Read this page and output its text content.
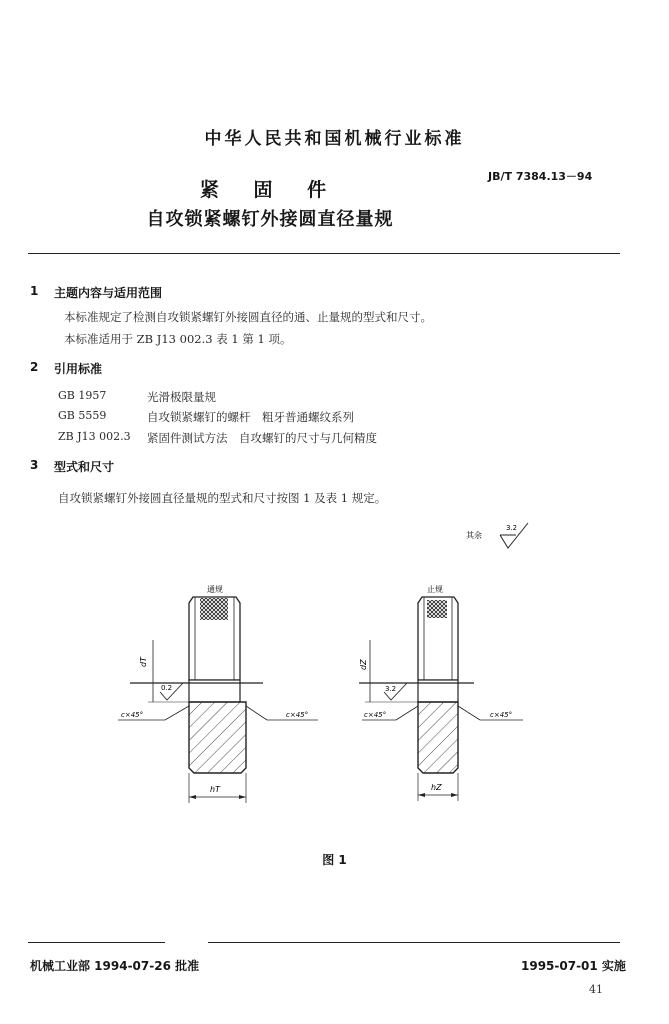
中华人民共和国机械行业标准
JB/T 7384.13－94
紧 固 件
自攻锁紧螺钉外接圆直径量规
1 主题内容与适用范围
本标准规定了检测自攻锁紧螺钉外接圆直径的通、止量规的型式和尺寸。
本标准适用于 ZB J13 002.3 表 1 第 1 项。
2 引用标准
GB 1957	光滑极限量规
GB 5559	自攻锁紧螺钉的螺杆　粗牙普通螺纹系列
ZB J13 002.3 紧固件测试方法　自攻螺钉的尺寸与几何精度
3 型式和尺寸
自攻锁紧螺钉外接圆直径量规的型式和尺寸按图 1 及表 1 规定。
其余
3.2
通规	止规
dT	dZ
0.2	3.2
c×45°	c×45°	c×45°	c×45°
hT	hZ
图 1
机械工业部 1994-07-26 批准	1995-07-01 实施
41
